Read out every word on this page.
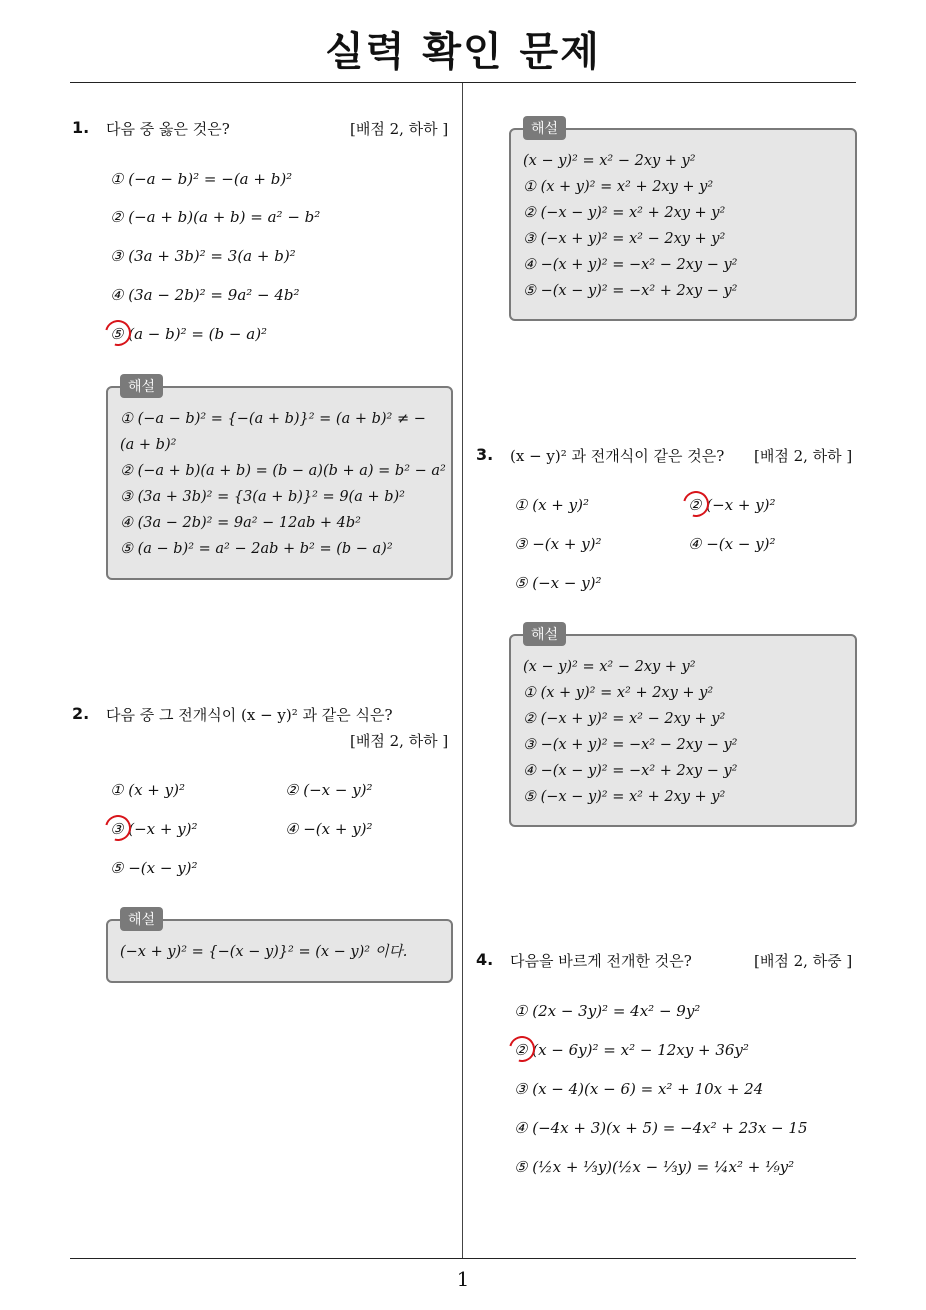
실력 확인 문제
1
1. 다음 중 옳은 것은?	[배점 2, 하하 ]
① (−a − b)² = −(a + b)²
② (−a + b)(a + b) = a² − b²
③ (3a + 3b)² = 3(a + b)²
④ (3a − 2b)² = 9a² − 4b²
⑤ (a − b)² = (b − a)²
해설
① (−a − b)² = {−(a + b)}² = (a + b)² ≠ −(a + b)²
② (−a + b)(a + b) = (b − a)(b + a) = b² − a²
③ (3a + 3b)² = {3(a + b)}² = 9(a + b)²
④ (3a − 2b)² = 9a² − 12ab + 4b²
⑤ (a − b)² = a² − 2ab + b² = (b − a)²
2. 다음 중 그 전개식이 (x − y)² 과 같은 식은?
[배점 2, 하하 ]
① (x + y)²	② (−x − y)²
③ (−x + y)²	④ −(x + y)²
⑤ −(x − y)²
해설
(−x + y)² = {−(x − y)}² = (x − y)² 이다.
해설
(x − y)² = x² − 2xy + y²
① (x + y)² = x² + 2xy + y²
② (−x − y)² = x² + 2xy + y²
③ (−x + y)² = x² − 2xy + y²
④ −(x + y)² = −x² − 2xy − y²
⑤ −(x − y)² = −x² + 2xy − y²
3. (x − y)² 과 전개식이 같은 것은? [배점 2, 하하 ]
① (x + y)²	② (−x + y)²
③ −(x + y)²	④ −(x − y)²
⑤ (−x − y)²
해설
(x − y)² = x² − 2xy + y²
① (x + y)² = x² + 2xy + y²
② (−x + y)² = x² − 2xy + y²
③ −(x + y)² = −x² − 2xy − y²
④ −(x − y)² = −x² + 2xy − y²
⑤ (−x − y)² = x² + 2xy + y²
4. 다음을 바르게 전개한 것은?	[배점 2, 하중 ]
① (2x − 3y)² = 4x² − 9y²
② (x − 6y)² = x² − 12xy + 36y²
③ (x − 4)(x − 6) = x² + 10x + 24
④ (−4x + 3)(x + 5) = −4x² + 23x − 15
⑤ (½x + ⅓y)(½x − ⅓y) = ¼x² + ⅑y²
